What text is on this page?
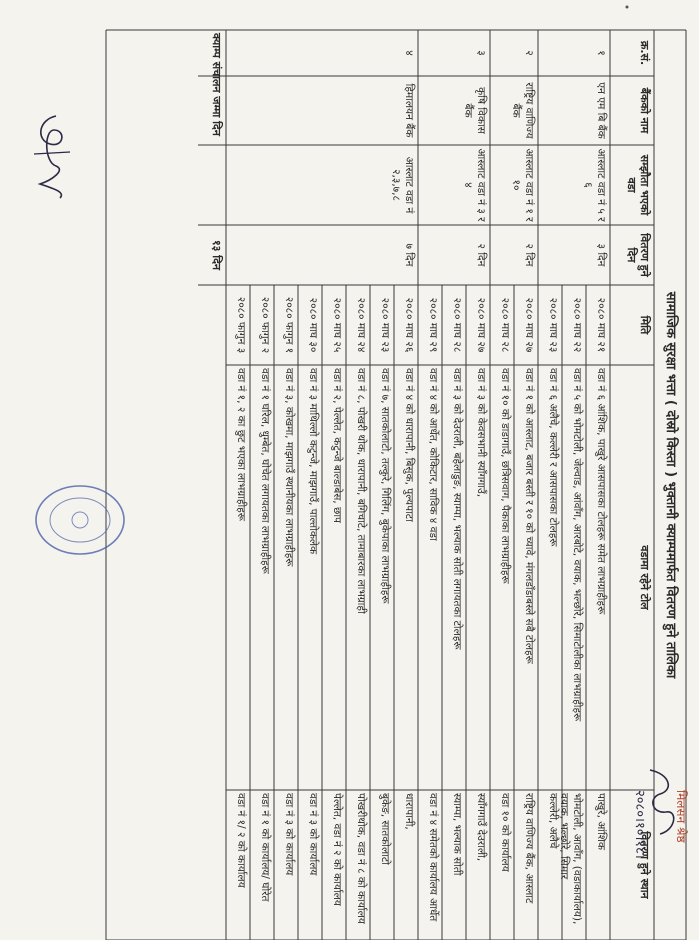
सामाजिक सुरक्षा भत्ता ( दोस्रो किस्ता ) भुक्तानी क्याम्पमार्फत वितरण हुने तालिका
क्र.सं.
बैंकको नाम
सम्झौता भएको वडा
वितरण हुने दिन
मिति
वडामा रहेने टोल
वितरण हुने स्थान
१
एन एम बि बैंक
आस्लाट वडा नं ५ र ६
३ दिन
२०८० माघ २१
वडा नं ६ आंशिक, पाखुरे आसपासका टोलहरू समेत लाभग्राहीहरू
पाखुरे, आंशिक
२०८० माघ २२
वडा नं ५ को भोमटोली, जेल्वाड, आंवाँग, आरबोटे, वयाक, भल्छोरे, सिमाटोलीका लाभग्राहीहरू
भोमटोली, आवाँग, (वडाकार्यालय), वयाक, भल्छोरे, सिमार
२०८० माघ २३
वडा नं ६ अलैचे, कल्लेरी र आसपासका टोलहरू
कल्लेरी, अलैचे
२
राष्ट्रिय वाणिज्य बैंक
आस्लाट वडा नं १ र १०
२ दिन
२०८० माघ २७
वडा नं १ को आस्लाट, बजार बस्ती र १० को च्यावे, मंगलडाँडाबस्ले सबै टोलहरू
राष्ट्रिय वाणिज्य बैंक, आस्लाट
२०८० माघ २८
वडा नं १० को डाडागाउँ, छत्रिसवाग, पैकाका लाभग्राहीहरू
वडा १० को कार्यालय
३
कृषि विकास बैंक
आस्लाट वडा नं ३ र ४
२ दिन
२०८० माघ २७
वडा नं ३ को केवसभानी स्याँगगाउँ,
स्याँगगाउँ देउराली,
२०८० माघ २८
वडा नं ३ को देउराली, बहेलाडुङ, स्याम्पा, भल्याक सोती लगायतका टोलहरू
स्याम्पा, भल्याक सोती
२०८० माघ २९
वडा नं ४ को आर्धेत, कोकिटार, साविक ४ वडा
वडा नं ४ समेतको कार्यालय आर्धेत
४
हिमालयन बैंक
आस्लाट वडा नं २,३,७,८
७ दिन
२०८० माघ २६
वडा नं ४ को धारापानी, बिसुक, पुल्यपाटा
धारापानी,
२०८० माघ २३
वडा नं ७, सातकोलाटो, तल्कुरे, गिलिंग, बुकेपाका लाभग्राहीहरू
बुकेङ, सातकोलाटो
२०८० माघ २४
वडा नं ८, पोखरी थोक, धारापानी, बगिचाटे, तामाबारका लाभग्राही
पोखरीथोक, वडा नं ८ को कार्यालय
२०८० माघ २५
वडा नं २, पेल्लेत, कटुन्जे बाल्डाबेस, छाप
पेल्लेत, वडा नं २ को कार्यालय
२०८० माघ ३०
वडा नं ३ माथिल्लो कटुन्जे, माझगाउँ, पाल्तोकलेक
वडा नं ३ को कार्यालय
२०८० फागुन १
वडा नं ३, कोखमा, माझगाउँ स्थानीयका लाभग्राहीहरू
वडा नं ३ को कार्यालय
२०८० फागुन २
वडा नं १ घरिल, धुम्बेत, घोचेत लगायतका लाभग्राहीहरू
वडा नं १ को कार्यालय/ घोरेत
२०८० फागुन ३
वडा नं १, २ का छुट भएका लाभग्राहीहरू
वडा नं १/ २ को कार्यालय
क्याम्प संचालन जम्मा दिन
१३ दिन
२०८०।१०।१८। मिलसन श्रेष्ठ
